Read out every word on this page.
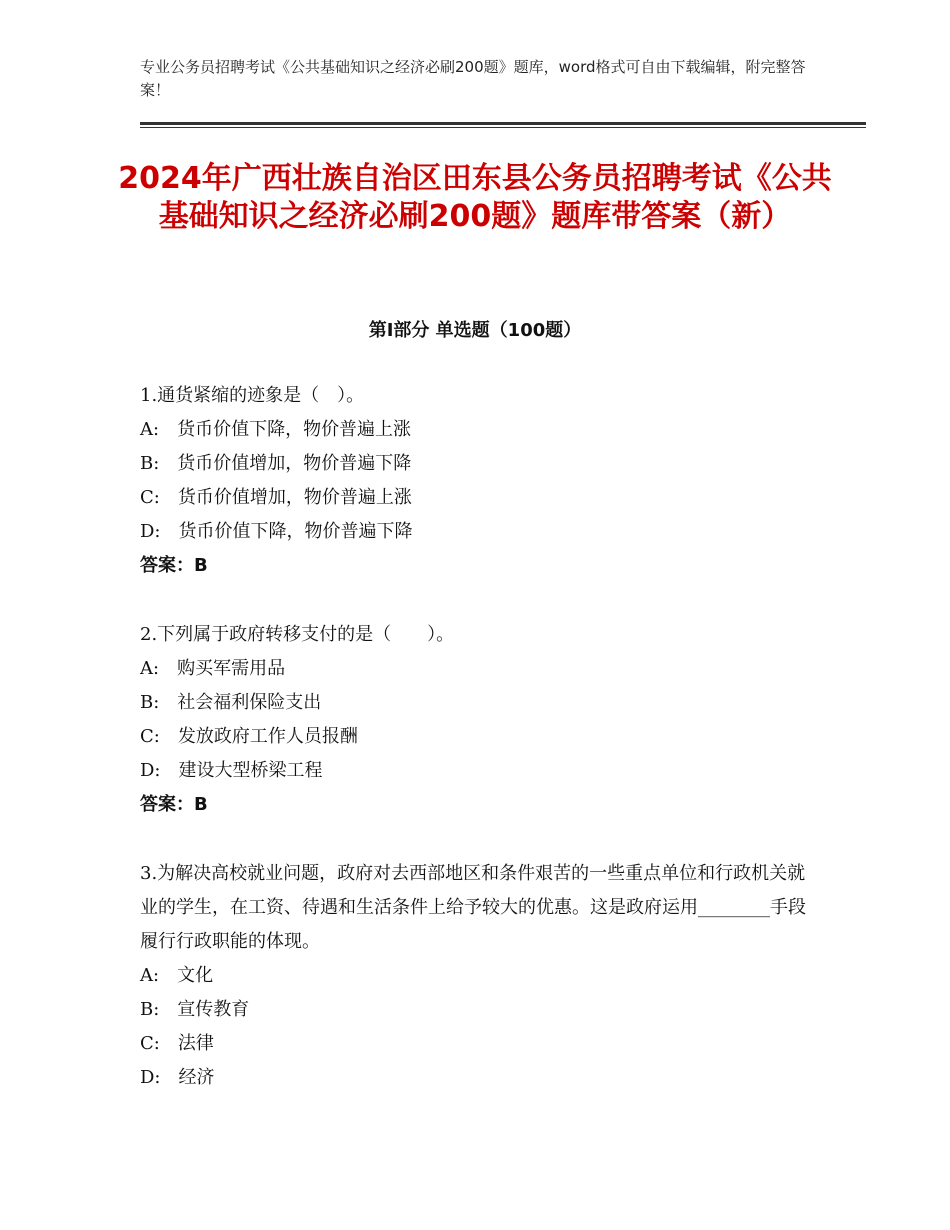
专业公务员招聘考试《公共基础知识之经济必刷200题》题库，word格式可自由下载编辑，附完整答案！
2024年广西壮族自治区田东县公务员招聘考试《公共基础知识之经济必刷200题》题库带答案（新）
第Ⅰ部分 单选题（100题）
1.通货紧缩的迹象是（　）。
A:　货币价值下降，物价普遍上涨
B:　货币价值增加，物价普遍下降
C:　货币价值增加，物价普遍上涨
D:　货币价值下降，物价普遍下降
答案：B
2.下列属于政府转移支付的是（　　）。
A:　购买军需用品
B:　社会福利保险支出
C:　发放政府工作人员报酬
D:　建设大型桥梁工程
答案：B
3.为解决高校就业问题，政府对去西部地区和条件艰苦的一些重点单位和行政机关就业的学生，在工资、待遇和生活条件上给予较大的优惠。这是政府运用________手段履行行政职能的体现。
A:　文化
B:　宣传教育
C:　法律
D:　经济
